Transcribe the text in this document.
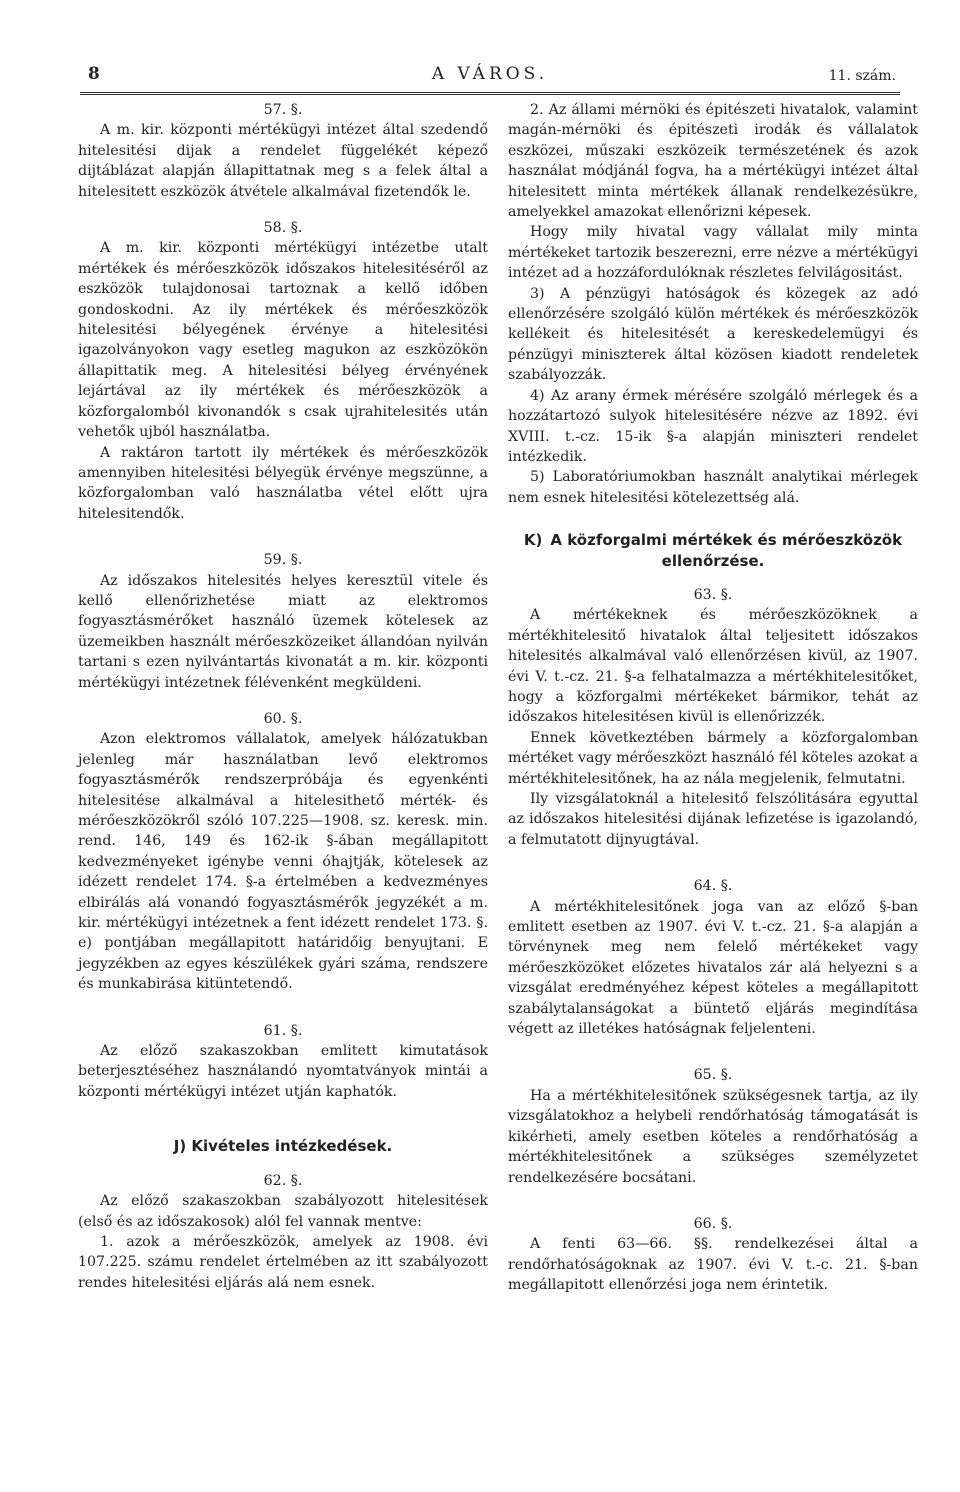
8	A VÁROS.	11. szám.
57. §.

A m. kir. központi mértékügyi intézet által szedendő hitelesitési dijak a rendelet függelékét képező dijtáblázat alapján állapittatnak meg s a felek által a hitelesitett eszközök átvétele alkalmával fizetendők le.

58. §.

A m. kir. központi mértékügyi intézetbe utalt mértékek és mérőeszközök időszakos hitelesitéséről az eszközök tulajdonosai tartoznak a kellő időben gondoskodni. Az ily mértékek és mérőeszközök hitelesitési bélyegének érvénye a hitelesitési igazolványokon vagy esetleg magukon az eszközökön állapittatik meg. A hitelesitési bélyeg érvényének lejártával az ily mértékek és mérőeszközök a közforgalomból kivonandók s csak ujrahitelesités után vehetők ujból használatba.

A raktáron tartott ily mértékek és mérőeszközök amennyiben hitelesitési bélyegük érvénye megszünne, a közforgalomban való használatba vétel előtt ujra hitelesitendők.

59. §.

Az időszakos hitelesités helyes keresztül vitele és kellő ellenőrizhetése miatt az elektromos fogyasztásmérőket használó üzemek kötelesek az üzemeikben használt mérőeszközeiket állandóan nyilván tartani s ezen nyilvántartás kivonatát a m. kir. központi mértékügyi intézetnek félévenként megküldeni.

60. §.

Azon elektromos vállalatok, amelyek hálózatukban jelenleg már használatban levő elektromos fogyasztásmérők rendszerpróbája és egyenkénti hitelesitése alkalmával a hitelesithető mérték- és mérőeszközökről szóló 107.225—1908. sz. keresk. min. rend. 146, 149 és 162-ik §-ában megállapitott kedvezményeket igénybe venni óhajtják, kötelesek az idézett rendelet 174. §-a értelmében a kedvezményes elbirálás alá vonandó fogyasztásmérők jegyzékét a m. kir. mértékügyi intézetnek a fent idézett rendelet 173. §. e) pontjában megállapitott határidőig benyujtani. E jegyzékben az egyes készülékek gyári száma, rendszere és munkabirása kitüntetendő.

61. §.

Az előző szakaszokban emlitett kimutatások beterjesztéséhez használandó nyomtatványok mintái a központi mértékügyi intézet utján kaphatók.

J) Kivételes intézkedések.
62. §.

Az előző szakaszokban szabályozott hitelesitések (első és az időszakosok) alól fel vannak mentve:

1. azok a mérőeszközök, amelyek az 1908. évi 107.225. számu rendelet értelmében az itt szabályozott rendes hitelesitési eljárás alá nem esnek.

2. Az állami mérnöki és épitészeti hivatalok, valamint magán-mérnöki és épitészeti irodák és vállalatok eszközei, műszaki eszközeik természetének és azok használat módjánál fogva, ha a mértékügyi intézet által hitelesitett minta mértékek állanak rendelkezésükre, amelyekkel amazokat ellenőrizni képesek.

Hogy mily hivatal vagy vállalat mily minta mértékeket tartozik beszerezni, erre nézve a mértékügyi intézet ad a hozzáfordulóknak részletes felvilágositást.

3) A pénzügyi hatóságok és közegek az adó ellenőrzésére szolgáló külön mértékek és mérőeszközök kellékeit és hitelesitését a kereskedelemügyi és pénzügyi miniszterek által közösen kiadott rendeletek szabályozzák.

4) Az arany érmek mérésére szolgáló mérlegek és a hozzátartozó sulyok hitelesitésére nézve az 1892. évi XVIII. t.-cz. 15-ik §-a alapján miniszteri rendelet intézkedik.

5) Laboratóriumokban használt analytikai mérlegek nem esnek hitelesitési kötelezettség alá.

K) A közforgalmi mértékek és mérőeszközök
ellenőrzése.
63. §.

A mértékeknek és mérőeszközöknek a mértékhitelesitő hivatalok által teljesitett időszakos hitelesités alkalmával való ellenőrzésen kivül, az 1907. évi V. t.-cz. 21. §-a felhatalmazza a mértékhitelesitőket, hogy a közforgalmi mértékeket bármikor, tehát az időszakos hitelesitésen kivül is ellenőrizzék.

Ennek következtében bármely a közforgalomban mértéket vagy mérőeszközt használó fél köteles azokat a mértékhitelesitőnek, ha az nála megjelenik, felmutatni.

Ily vizsgálatoknál a hitelesitő felszólitására egyuttal az időszakos hitelesitési dijának lefizetése is igazolandó, a felmutatott dijnyugtával.

64. §.

A mértékhitelesitőnek joga van az előző §-ban emlitett esetben az 1907. évi V. t.-cz. 21. §-a alapján a törvénynek meg nem felelő mértékeket vagy mérőeszközöket előzetes hivatalos zár alá helyezni s a vizsgálat eredményéhez képest köteles a megállapitott szabálytalanságokat a büntető eljárás megindítása végett az illetékes hatóságnak feljelenteni.

65. §.

Ha a mértékhitelesitőnek szükségesnek tartja, az ily vizsgálatokhoz a helybeli rendőrhatóság támogatását is kikérheti, amely esetben köteles a rendőrhatóság a mértékhitelesitőnek a szükséges személyzetet rendelkezésére bocsátani.

66. §.

A fenti 63—66. §§. rendelkezései által a rendőrhatóságoknak az 1907. évi V. t.-c. 21. §-ban megállapitott ellenőrzési joga nem érintetik.
